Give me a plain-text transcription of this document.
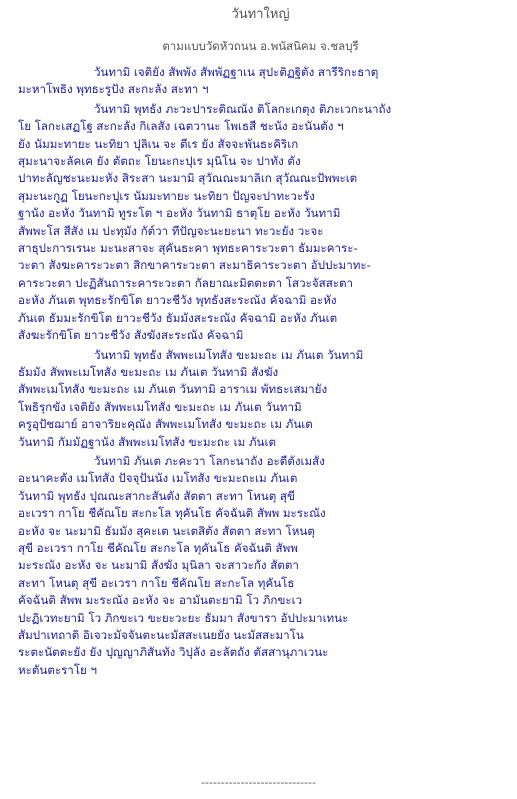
วันทาใหญ่
ตามแบบวัดหัวถนน อ.พนัสนิคม จ.ชลบุรี
วันทามิ เจติยัง สัพพัง สัพพัฏฐาเน สุปะติฏฐิตัง สารีริกะธาตุ
มะหาโพธิง พุทธะรูปัง สะกะลัง สะทา ฯ
วันทามิ พุทธัง ภะวะปาระติณณัง ติโลกะเกตุง ติภะเวกะนาถัง
โย โลกะเสฏโฐ สะกะลัง กิเลสัง เฉตวานะ โพเธสี ชะนัง อะนันตัง ฯ
ยัง นัมมะทายะ นะทิยา ปุลิเน จะ ตีเร ยัง สัจจะพันธะคิริเก
สุมะนาจะลัคเค ยัง ตัตถะ โยนะกะปุเร มุนิโน จะ ปาทัง ตัง
ปาทะลัญชะนะมะหัง สิระสา นะมามิ สุวัณณะมาลิเก สุวัณณะปัพพะเต
สุมะนะกูฏ โยนะกะปุเร นัมมะทายะ นะทิยา ปัญจะปาทะวะรัง
ฐานัง อะหัง วันทามิ ทูระโต ฯ อะหัง วันทามิ ธาตุโย อะหัง วันทามิ
สัพพะโส สีสัง เม ปะทุมัง กัต์วา ทีปัญจะนะยะนา ทะวะยัง วะจะ
สาธุปะการเรนะ มะนะสาจะ สุคันธะคา พุทธะคาระวะตา ธัมมะคาระ-
วะตา สังฆะคาระวะตา สิกขาคาระวะตา สะมาธิคาระวะตา อัปปะมาทะ-
คาระวะตา ปะฏิสันถาระคาระวะตา กัลยาณะมิตตะตา โสวะจัสสะตา
อะหัง ภันเต พุทธะรักขิโต ยาวะชีวัง พุทธังสะระณัง คัจฉามิ อะหัง
ภันเต ธัมมะรักขิโต ยาวะชีวัง ธัมมังสะระณัง คัจฉามิ อะหัง ภันเต
สังฆะรักขิโต ยาวะชีวัง สังฆังสะระณัง คัจฉามิ
วันทามิ พุทธัง สัพพะเมโทสัง ขะมะถะ เม ภันเต วันทามิ
ธัมมัง สัพพะเมโทสัง ขะมะถะ เม ภันเต วันทามิ สังฆัง
สัพพะเมโทสัง ขะมะถะ เม ภันเต วันทามิ อาราเม พัทธะเสมายัง
โพธิรุกขัง เจติยัง สัพพะเมโทสัง ขะมะถะ เม ภันเต วันทามิ
ครูอุปัชฌาย์ อาจาริยะคุณัง สัพพะเมโทสัง ขะมะถะ เม ภันเต
วันทามิ กัมมัฏฐานัง สัพพะเมโทสัง ขะมะถะ เม ภันเต
วันทามิ ภันเต ภะคะวา โลกะนาถัง อะตีตังเมสัง
อะนาคะตัง เมโทสัง ปัจจุปันนัง เมโทสัง ขะมะถะเม ภันเต
วันทามิ พุทธัง ปุณณะสากะสันตัง สัตตา สะทา โหนตุ สุขี
อะเวรา กาโย ชีคัณโย สะกะโล ทุคันโธ คัจฉันติ สัพพ มะระณัง
อะหัง จะ นะมามิ ธัมมัง สุคะเต นะเตสิตัง สัตตา สะทา โหนตุ
สุขี อะเวรา กาโย ชีคัณโย สะกะโล ทุคันโธ คัจฉันติ สัพพ
มะระณัง อะหัง จะ นะมามิ สังฆัง มุนิลา จะสาวะกัง สัตตา
สะทา โหนตุ สุขี อะเวรา กาโย ชีคัณโย สะกะโล ทุคันโธ
คัจฉันติ สัพพ มะระณัง อะหัง จะ อามันตะยามิ โว ภิกขะเว
ปะฏิเวทะยามิ โว ภิกขะเว ขะยะวะยะ ธัมมา สังขารา อัปปะมาเทนะ
สัมปาเทถาติ อิเจวะมัจจันตะนะมัสสะเนยยัง นะมัสสะมาโน
ระตะนัตตะยัง ยัง ปุญญาภิสันทัง วิปุลัง อะลัตถัง ตัสสานุภาเวนะ
หะตันตะราโย ฯ
-----------------------------
